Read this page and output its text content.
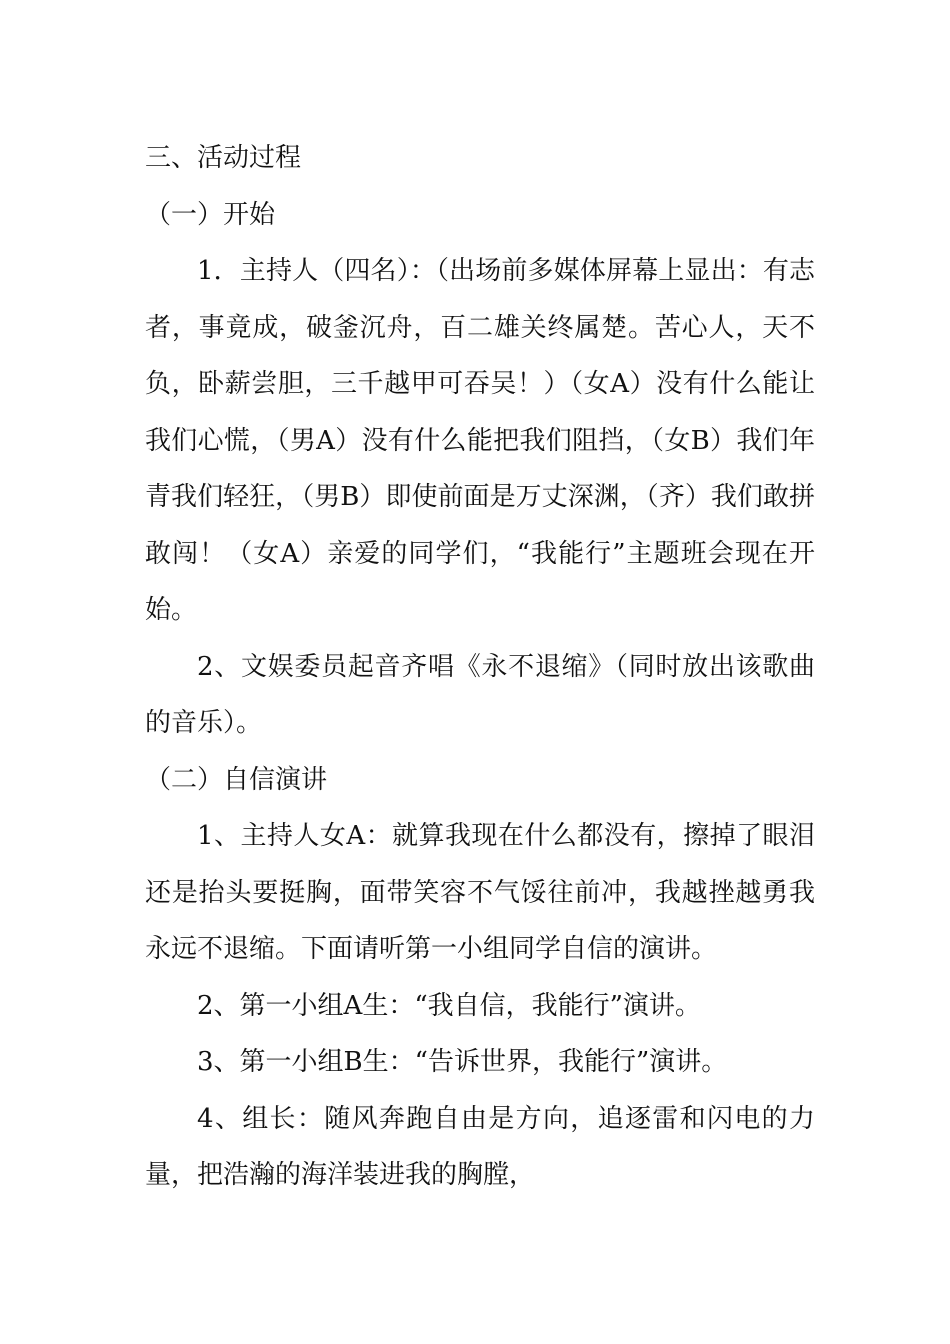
三、活动过程

（一）开始

1．主持人（四名）：（出场前多媒体屏幕上显出：有志者，事竟成，破釜沉舟，百二雄关终属楚。苦心人，天不负，卧薪尝胆，三千越甲可吞吴！）（女A）没有什么能让我们心慌，（男A）没有什么能把我们阻挡，（女B）我们年青我们轻狂，（男B）即使前面是万丈深渊，（齐）我们敢拼敢闯！（女A）亲爱的同学们，“我能行”主题班会现在开始。

2、文娱委员起音齐唱《永不退缩》（同时放出该歌曲的音乐）。

（二）自信演讲

1、主持人女A：就算我现在什么都没有，擦掉了眼泪还是抬头要挺胸，面带笑容不气馁往前冲，我越挫越勇我永远不退缩。下面请听第一小组同学自信的演讲。

2、第一小组A生：“我自信，我能行”演讲。

3、第一小组B生：“告诉世界，我能行”演讲。

4、组长：随风奔跑自由是方向，追逐雷和闪电的力量，把浩瀚的海洋装进我的胸膛，
